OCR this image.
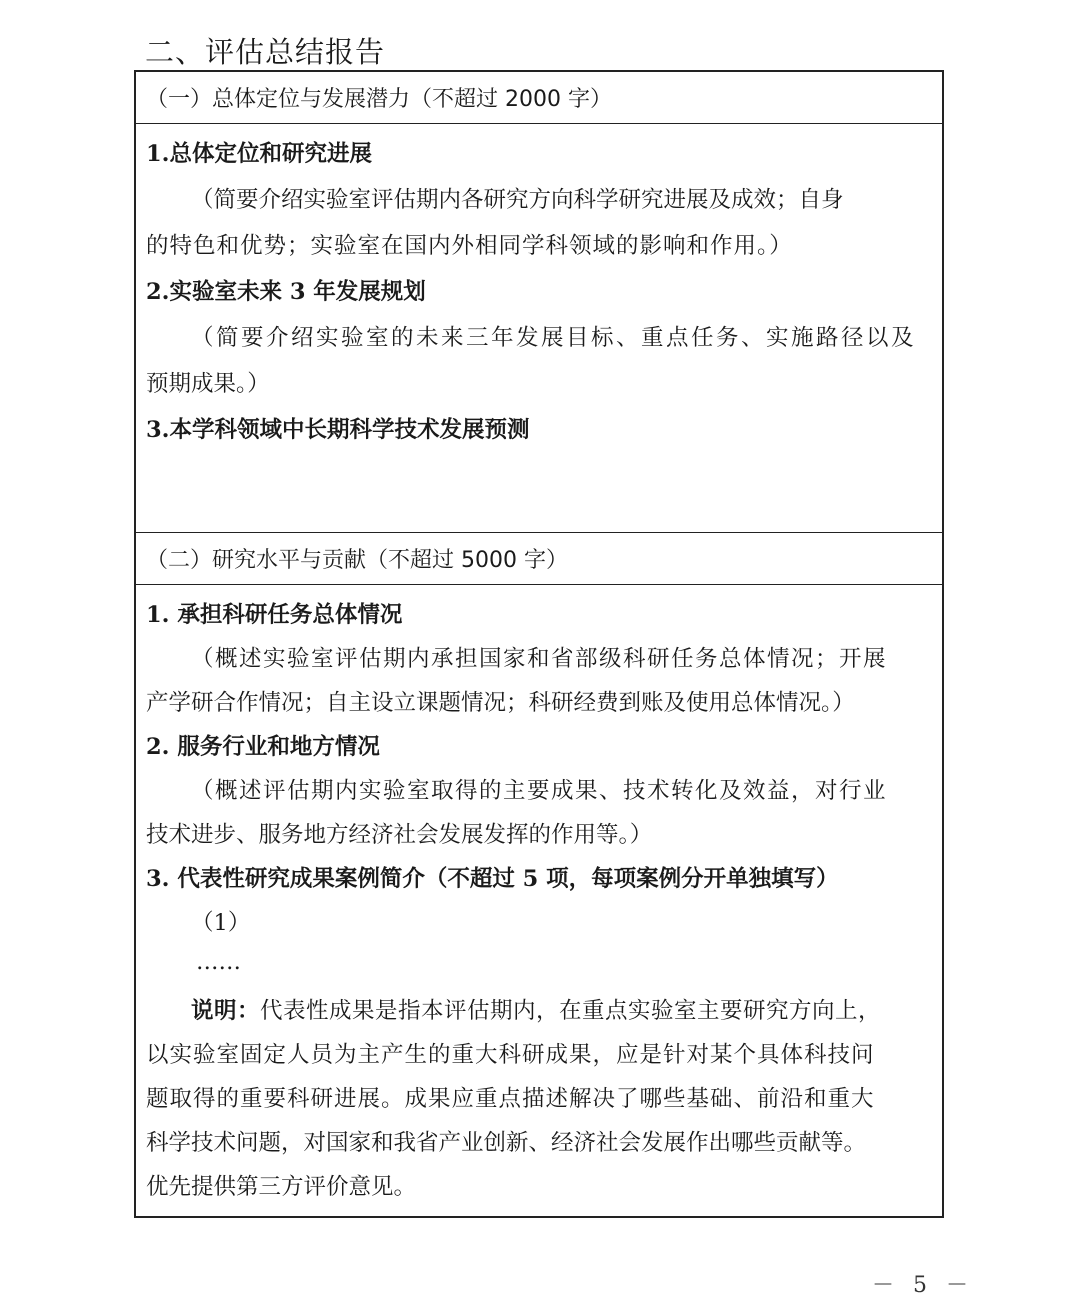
二、评估总结报告
（一）总体定位与发展潜力（不超过 2000 字）
1.总体定位和研究进展
（简要介绍实验室评估期内各研究方向科学研究进展及成效；自身
的特色和优势；实验室在国内外相同学科领域的影响和作用。）
2.实验室未来 3 年发展规划
（简要介绍实验室的未来三年发展目标、重点任务、实施路径以及
预期成果。）
3.本学科领域中长期科学技术发展预测
（二）研究水平与贡献（不超过 5000 字）
1. 承担科研任务总体情况
（概述实验室评估期内承担国家和省部级科研任务总体情况；开展
产学研合作情况；自主设立课题情况；科研经费到账及使用总体情况。）
2. 服务行业和地方情况
（概述评估期内实验室取得的主要成果、技术转化及效益，对行业
技术进步、服务地方经济社会发展发挥的作用等。）
3. 代表性研究成果案例简介（不超过 5 项，每项案例分开单独填写）
（1）
……
说明：代表性成果是指本评估期内，在重点实验室主要研究方向上，
以实验室固定人员为主产生的重大科研成果，应是针对某个具体科技问
题取得的重要科研进展。成果应重点描述解决了哪些基础、前沿和重大
科学技术问题，对国家和我省产业创新、经济社会发展作出哪些贡献等。
优先提供第三方评价意见。
－ 5 －
